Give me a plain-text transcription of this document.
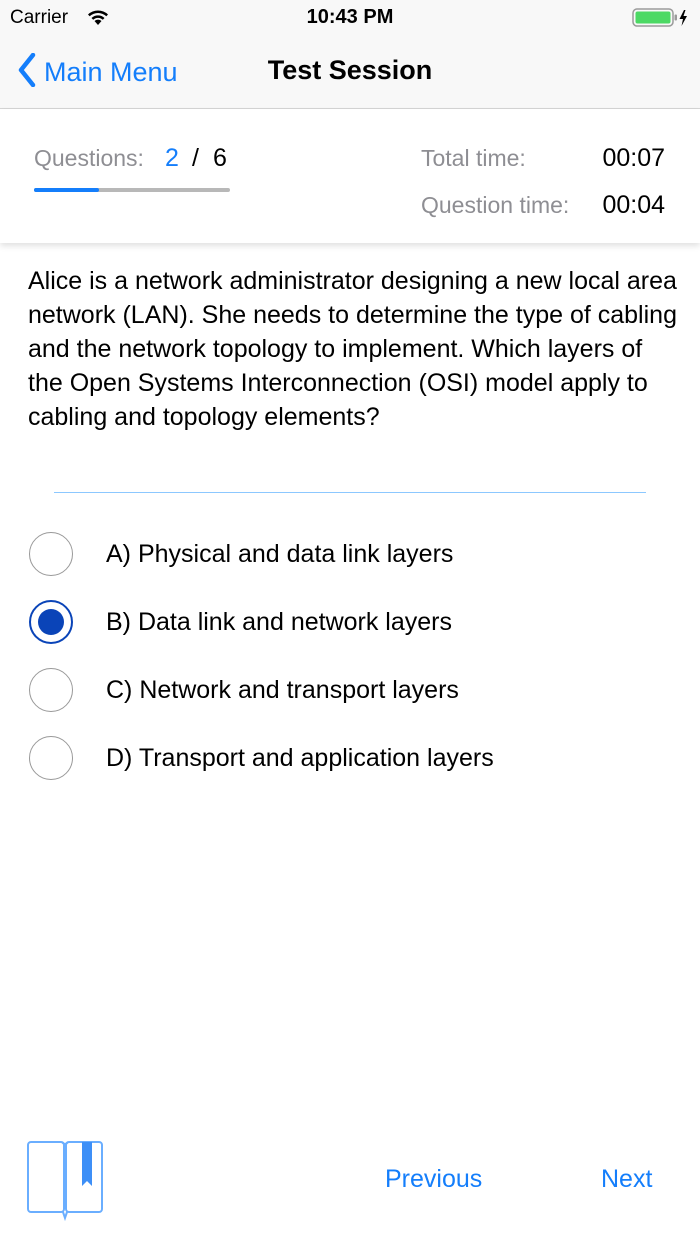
Carrier	10:43 PM
Main Menu	Test Session
Questions: 2 / 6	Total time:	00:07
Question time: 00:04
Alice is a network administrator designing a new local area network (LAN). She needs to determine the type of cabling and the network topology to implement. Which layers of the Open Systems Interconnection (OSI) model apply to cabling and topology elements?
A) Physical and data link layers
B) Data link and network layers
C) Network and transport layers
D) Transport and application layers
Previous	Next
